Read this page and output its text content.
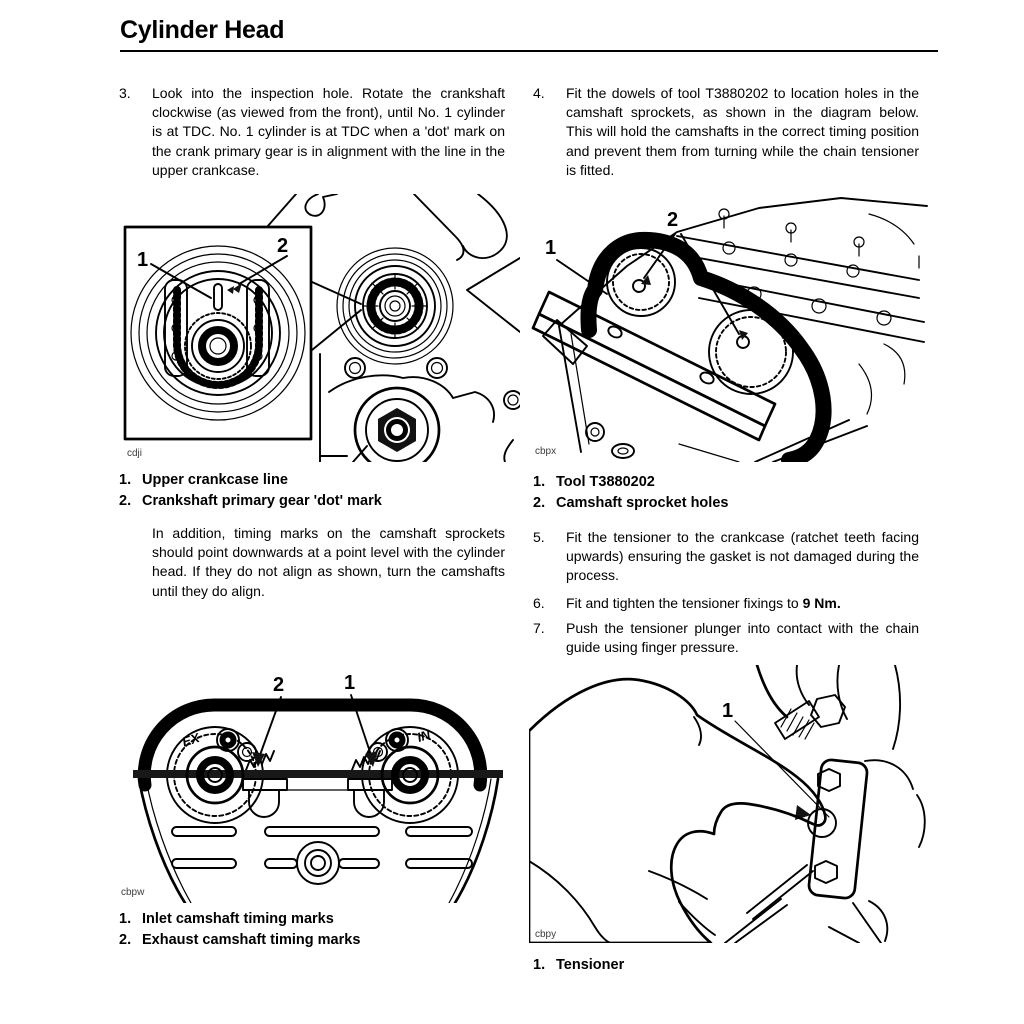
Cylinder Head
3.	Look into the inspection hole. Rotate the crankshaft clockwise (as viewed from the front), until No. 1 cylinder is at TDC. No. 1 cylinder is at TDC when a 'dot' mark on the crank primary gear is in alignment with the line in the upper crankcase.
1
2
cdji
1. Upper crankcase line
2. Crankshaft primary gear 'dot' mark
In addition, timing marks on the camshaft sprockets should point downwards at a point level with the cylinder head. If they do not align as shown, turn the camshafts until they do align.
EX	IN
2	1
cbpw
1. Inlet camshaft timing marks
2. Exhaust camshaft timing marks
4.	Fit the dowels of tool T3880202 to location holes in the camshaft sprockets, as shown in the diagram below. This will hold the camshafts in the correct timing position and prevent them from turning while the chain tensioner is fitted.
1
2
cbpx
1. Tool T3880202
2. Camshaft sprocket holes
5.	Fit the tensioner to the crankcase (ratchet teeth facing upwards) ensuring the gasket is not damaged during the process.
6.	Fit and tighten the tensioner fixings to 9 Nm.
7.	Push the tensioner plunger into contact with the chain guide using finger pressure.
1
cbpy
1. Tensioner
